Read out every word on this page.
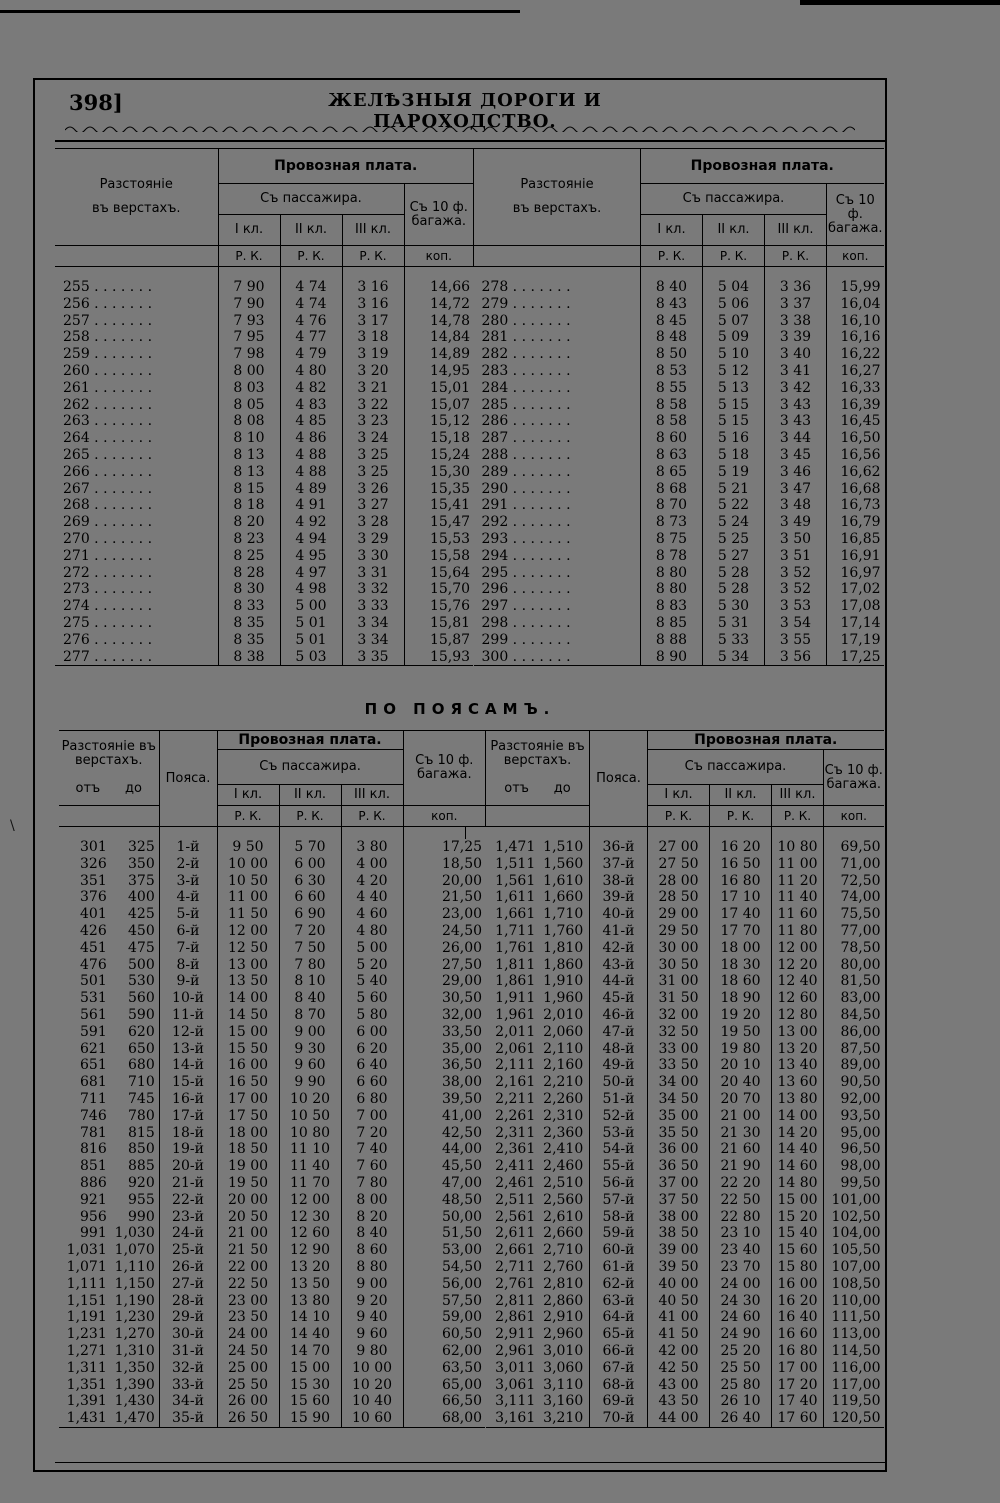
\
398]	ЖЕЛѢЗНЫЯ ДОРОГИ И ПАРОХОДСТВО.
Разстояніе
въ верстахъ.	Провозная плата.			
	Съ пассажира.			Съ 10 ф. багажа.
	I кл.	II кл.	III кл.	
	Р. К.	Р. К.	Р. К.	коп.

255 . . . . . . .	7 90	4 74	3 16	14,66
256 . . . . . . .	7 90	4 74	3 16	14,72
257 . . . . . . .	7 93	4 76	3 17	14,78
258 . . . . . . .	7 95	4 77	3 18	14,84
259 . . . . . . .	7 98	4 79	3 19	14,89
260 . . . . . . .	8 00	4 80	3 20	14,95
261 . . . . . . .	8 03	4 82	3 21	15,01
262 . . . . . . .	8 05	4 83	3 22	15,07
263 . . . . . . .	8 08	4 85	3 23	15,12
264 . . . . . . .	8 10	4 86	3 24	15,18
265 . . . . . . .	8 13	4 88	3 25	15,24
266 . . . . . . .	8 13	4 88	3 25	15,30
267 . . . . . . .	8 15	4 89	3 26	15,35
268 . . . . . . .	8 18	4 91	3 27	15,41
269 . . . . . . .	8 20	4 92	3 28	15,47
270 . . . . . . .	8 23	4 94	3 29	15,53
271 . . . . . . .	8 25	4 95	3 30	15,58
272 . . . . . . .	8 28	4 97	3 31	15,64
273 . . . . . . .	8 30	4 98	3 32	15,70
274 . . . . . . .	8 33	5 00	3 33	15,76
275 . . . . . . .	8 35	5 01	3 34	15,81
276 . . . . . . .	8 35	5 01	3 34	15,87
277 . . . . . . .	8 38	5 03	3 35	15,93
Разстояніе
въ верстахъ.	Провозная плата.			
	Съ пассажира.			Съ 10 ф. багажа.
	I кл.	II кл.	III кл.	
	Р. К.	Р. К.	Р. К.	коп.

278 . . . . . . .	8 40	5 04	3 36	15,99
279 . . . . . . .	8 43	5 06	3 37	16,04
280 . . . . . . .	8 45	5 07	3 38	16,10
281 . . . . . . .	8 48	5 09	3 39	16,16
282 . . . . . . .	8 50	5 10	3 40	16,22
283 . . . . . . .	8 53	5 12	3 41	16,27
284 . . . . . . .	8 55	5 13	3 42	16,33
285 . . . . . . .	8 58	5 15	3 43	16,39
286 . . . . . . .	8 58	5 15	3 43	16,45
287 . . . . . . .	8 60	5 16	3 44	16,50
288 . . . . . . .	8 63	5 18	3 45	16,56
289 . . . . . . .	8 65	5 19	3 46	16,62
290 . . . . . . .	8 68	5 21	3 47	16,68
291 . . . . . . .	8 70	5 22	3 48	16,73
292 . . . . . . .	8 73	5 24	3 49	16,79
293 . . . . . . .	8 75	5 25	3 50	16,85
294 . . . . . . .	8 78	5 27	3 51	16,91
295 . . . . . . .	8 80	5 28	3 52	16,97
296 . . . . . . .	8 80	5 28	3 52	17,02
297 . . . . . . .	8 83	5 30	3 53	17,08
298 . . . . . . .	8 85	5 31	3 54	17,14
299 . . . . . . .	8 88	5 33	3 55	17,19
300 . . . . . . .	8 90	5 34	3 56	17,25
ПО ПОЯСАМЪ.
Разстояніе въ верстахъ.

отъ до	Пояса.	Провозная плата.			Съ 10 ф. багажа.	
		Съ пассажира.				
		I кл.	II кл.	III кл.		
		Р. К.	Р. К.	Р. К.	коп.	

301 325	1-й	9 50	5 70	3 80	17,25	
326 350	2-й	10 00	6 00	4 00	18,50	
351 375	3-й	10 50	6 30	4 20	20,00	
376 400	4-й	11 00	6 60	4 40	21,50	
401 425	5-й	11 50	6 90	4 60	23,00	
426 450	6-й	12 00	7 20	4 80	24,50	
451 475	7-й	12 50	7 50	5 00	26,00	
476 500	8-й	13 00	7 80	5 20	27,50	
501 530	9-й	13 50	8 10	5 40	29,00	
531 560	10-й	14 00	8 40	5 60	30,50	
561 590	11-й	14 50	8 70	5 80	32,00	
591 620	12-й	15 00	9 00	6 00	33,50	
621 650	13-й	15 50	9 30	6 20	35,00	
651 680	14-й	16 00	9 60	6 40	36,50	
681 710	15-й	16 50	9 90	6 60	38,00	
711 745	16-й	17 00	10 20	6 80	39,50	
746 780	17-й	17 50	10 50	7 00	41,00	
781 815	18-й	18 00	10 80	7 20	42,50	
816 850	19-й	18 50	11 10	7 40	44,00	
851 885	20-й	19 00	11 40	7 60	45,50	
886 920	21-й	19 50	11 70	7 80	47,00	
921 955	22-й	20 00	12 00	8 00	48,50	
956 990	23-й	20 50	12 30	8 20	50,00	
991 1,030	24-й	21 00	12 60	8 40	51,50	
1,031 1,070	25-й	21 50	12 90	8 60	53,00	
1,071 1,110	26-й	22 00	13 20	8 80	54,50	
1,111 1,150	27-й	22 50	13 50	9 00	56,00	
1,151 1,190	28-й	23 00	13 80	9 20	57,50	
1,191 1,230	29-й	23 50	14 10	9 40	59,00	
1,231 1,270	30-й	24 00	14 40	9 60	60,50	
1,271 1,310	31-й	24 50	14 70	9 80	62,00	
1,311 1,350	32-й	25 00	15 00	10 00	63,50	
1,351 1,390	33-й	25 50	15 30	10 20	65,00	
1,391 1,430	34-й	26 00	15 60	10 40	66,50	
1,431 1,470	35-й	26 50	15 90	10 60	68,00	
Разстояніе въ верстахъ.

отъ до	Пояса.	Провозная плата.			
		Съ пассажира.			Съ 10 ф. багажа.
		I кл.	II кл.	III кл.	
		Р. К.	Р. К.	Р. К.	коп.

1,471 1,510	36-й	27 00	16 20	10 80	69,50
1,511 1,560	37-й	27 50	16 50	11 00	71,00
1,561 1,610	38-й	28 00	16 80	11 20	72,50
1,611 1,660	39-й	28 50	17 10	11 40	74,00
1,661 1,710	40-й	29 00	17 40	11 60	75,50
1,711 1,760	41-й	29 50	17 70	11 80	77,00
1,761 1,810	42-й	30 00	18 00	12 00	78,50
1,811 1,860	43-й	30 50	18 30	12 20	80,00
1,861 1,910	44-й	31 00	18 60	12 40	81,50
1,911 1,960	45-й	31 50	18 90	12 60	83,00
1,961 2,010	46-й	32 00	19 20	12 80	84,50
2,011 2,060	47-й	32 50	19 50	13 00	86,00
2,061 2,110	48-й	33 00	19 80	13 20	87,50
2,111 2,160	49-й	33 50	20 10	13 40	89,00
2,161 2,210	50-й	34 00	20 40	13 60	90,50
2,211 2,260	51-й	34 50	20 70	13 80	92,00
2,261 2,310	52-й	35 00	21 00	14 00	93,50
2,311 2,360	53-й	35 50	21 30	14 20	95,00
2,361 2,410	54-й	36 00	21 60	14 40	96,50
2,411 2,460	55-й	36 50	21 90	14 60	98,00
2,461 2,510	56-й	37 00	22 20	14 80	99,50
2,511 2,560	57-й	37 50	22 50	15 00	101,00
2,561 2,610	58-й	38 00	22 80	15 20	102,50
2,611 2,660	59-й	38 50	23 10	15 40	104,00
2,661 2,710	60-й	39 00	23 40	15 60	105,50
2,711 2,760	61-й	39 50	23 70	15 80	107,00
2,761 2,810	62-й	40 00	24 00	16 00	108,50
2,811 2,860	63-й	40 50	24 30	16 20	110,00
2,861 2,910	64-й	41 00	24 60	16 40	111,50
2,911 2,960	65-й	41 50	24 90	16 60	113,00
2,961 3,010	66-й	42 00	25 20	16 80	114,50
3,011 3,060	67-й	42 50	25 50	17 00	116,00
3,061 3,110	68-й	43 00	25 80	17 20	117,00
3,111 3,160	69-й	43 50	26 10	17 40	119,50
3,161 3,210	70-й	44 00	26 40	17 60	120,50
